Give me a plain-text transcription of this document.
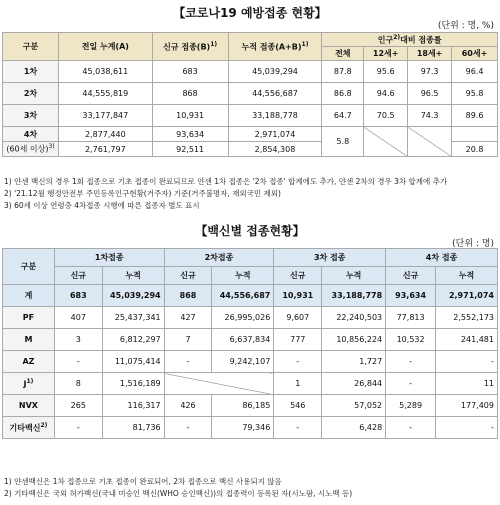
【코로나19 예방접종 현황】
(단위 : 명, %)
구분	전일 누계(A)	신규 접종$(B)^{1)}$	누적 접종$(A+B)^{1)}$	인구$^{2)}$대비 접종률			
				전체	12세+	18세+	60세+
1차	45,038,611	683	45,039,294	87.8	95.6	97.3	96.4
2차	44,555,819	868	44,556,687	86.8	94.6	96.5	95.8
3차	33,177,847	10,931	33,188,778	64.7	70.5	74.3	89.6
4차	2,877,440	93,634	2,971,074	5.8			
(60세 이상)$^{3)}$	2,761,797	92,511	2,854,308				20.8
1) 얀센 백신의 경우 1회 접종으로 기초 접종이 완료되므로 얀센 1차 접종은 '2차 접종' 합계에도 추가, 얀센 2차의 경우 3차 합계에 추가
2) '21.12월 행정안전부 주민등록인구현황(거주자) 기준(거주불명자, 재외국민 제외)
3) 60세 이상 연령층 4차접종 시행에 따른 접종자 별도 표시
【백신별 접종현황】
(단위 : 명)
구분	1차접종		2차접종		3차 접종		4차 접종	
	신규	누적	신규	누적	신규	누적	신규	누적
계	683	45,039,294	868	44,556,687	10,931	33,188,778	93,634	2,971,074
PF	407	25,437,341	427	26,995,026	9,607	22,240,503	77,813	2,552,173
M	3	6,812,297	7	6,637,834	777	10,856,224	10,532	241,481
AZ	-	11,075,414	-	9,242,107	-	1,727	-	-
$J^{1)}$	8	1,516,189			1	26,844	-	11
NVX	265	116,317	426	86,185	546	57,052	5,289	177,409
기타백신$^{2)}$	-	81,736	-	79,346	-	6,428	-	-
1) 얀센백신은 1차 접종으로 기초 접종이 완료되어, 2차 접종으로 백신 사용되지 않음
2) 기타백신은 국외 허가백신(국내 미승인 백신(WHO 승인백신))의 접종력이 등록된 자(시노팜, 시노백 등)
